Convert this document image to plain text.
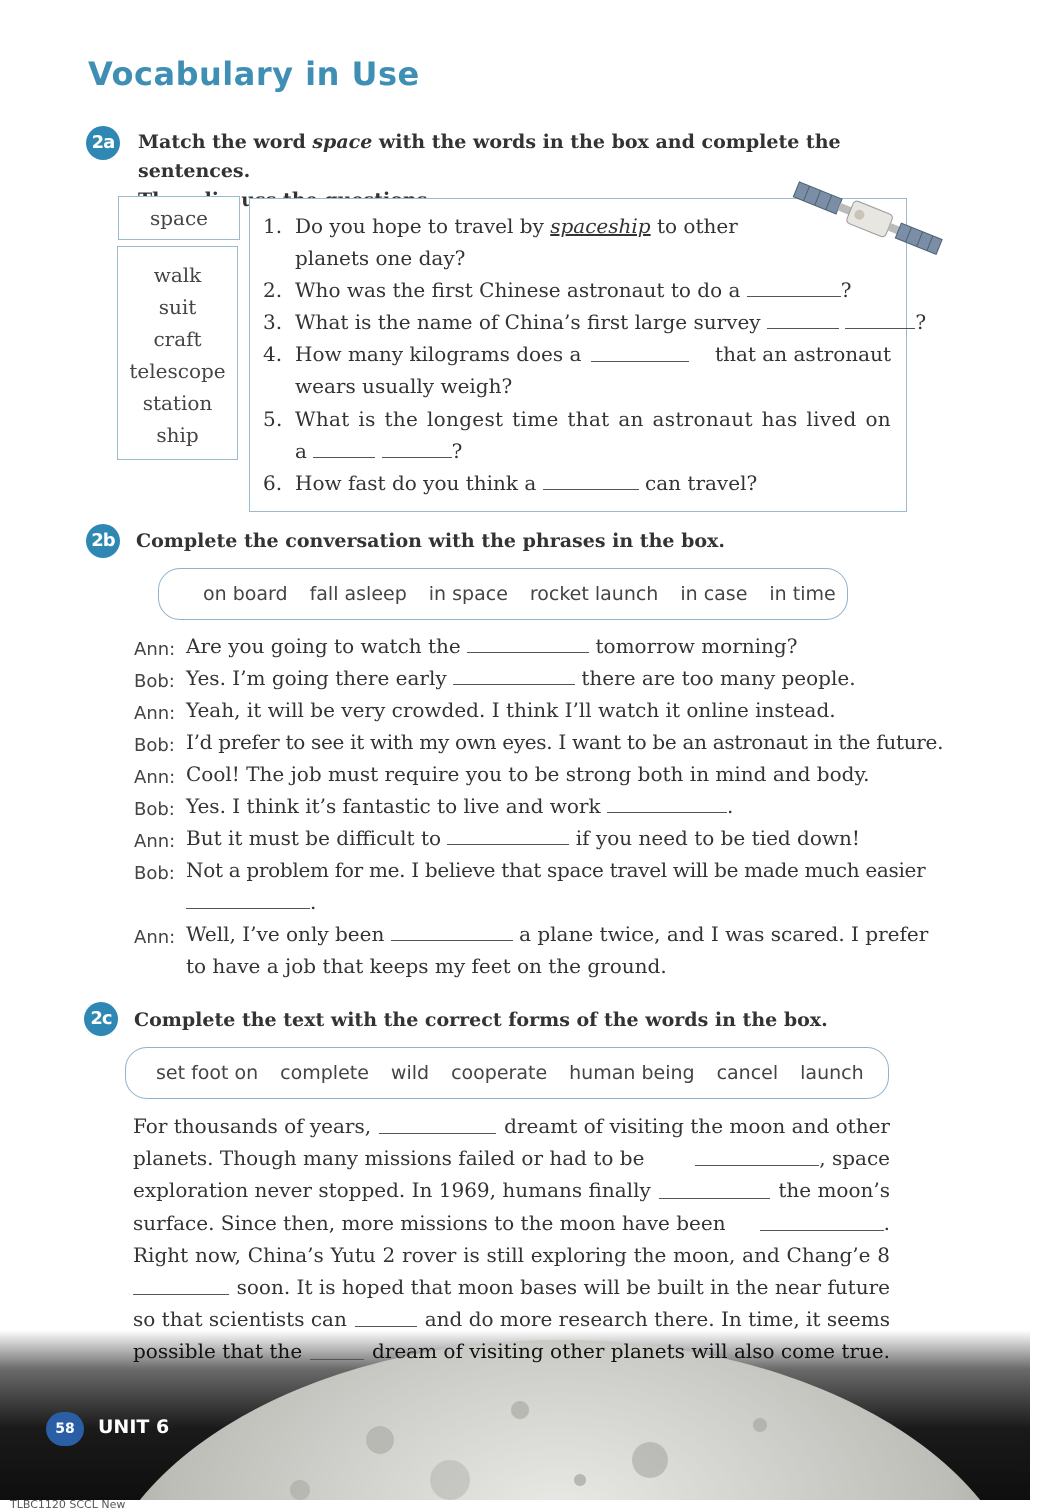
Vocabulary in Use
2a Match the word space with the words in the box and complete the sentences.
space
walk
suit
craft
telescope
station
ship
1. Do you hope to travel by spaceship to other
planets one day?
2. Who was the first Chinese astronaut to do a	?
3. What is the name of China’s first large survey	?
4. How many kilograms does a	that an astronaut
wears usually weigh?
5. What is the longest time that an astronaut has lived on
a	?
6. How fast do you think a	can travel?
2b Complete the conversation with the phrases in the box.
on board fall asleep in space rocket launch in case in time
Ann: Are you going to watch the	tomorrow morning?
Bob: Yes. I’m going there early	there are too many people.
Ann: Yeah, it will be very crowded. I think I’ll watch it online instead.
Bob: I’d prefer to see it with my own eyes. I want to be an astronaut in the future.
Ann: Cool! The job must require you to be strong both in mind and body.
Bob: Yes. I think it’s fantastic to live and work	.
Ann: But it must be difficult to	if you need to be tied down!
Bob: Not a problem for me. I believe that space travel will be made much easier
.
Ann: Well, I’ve only been	a plane twice, and I was scared. I prefer
to have a job that keeps my feet on the ground.
2c	Complete the text with the correct forms of the words in the box.
set foot on complete wild cooperate human being cancel launch
For thousands of years,	dreamt of visiting the moon and other
planets. Though many missions failed or had to be	, space
exploration never stopped. In 1969, humans finally	the moon’s
surface. Since then, more missions to the moon have been	.
Right now, China’s Yutu 2 rover is still exploring the moon, and Chang’e 8
soon. It is hoped that moon bases will be built in the near future
so that scientists can	and do more research there. In time, it seems
possible that the	dream of visiting other planets will also come true.
58	UNIT 6
TLBC1120 SCCL New
